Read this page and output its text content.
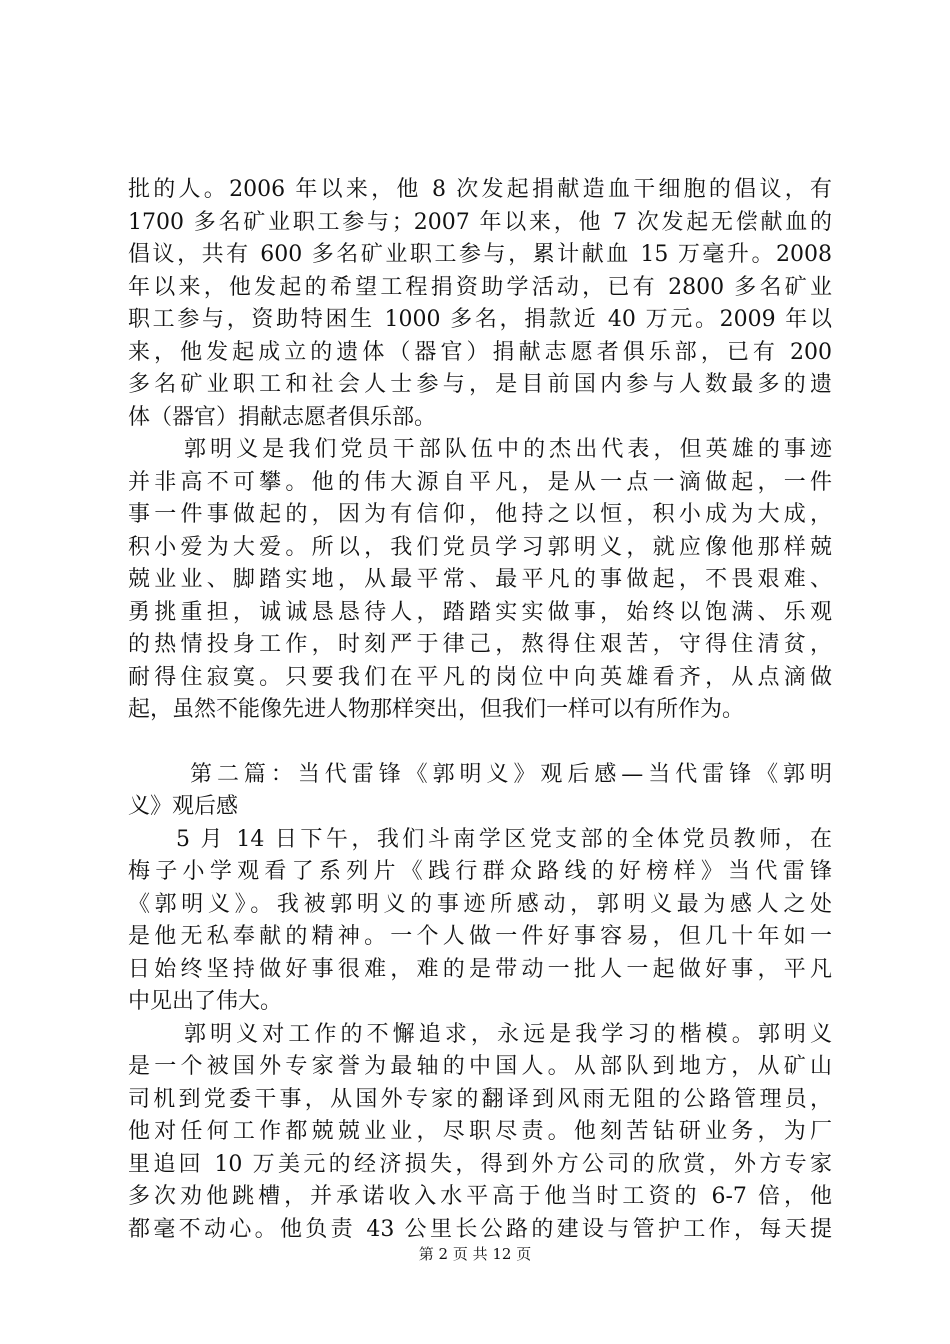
批的人。2006 年以来，他 8 次发起捐献造血干细胞的倡议，有
1700 多名矿业职工参与；2007 年以来，他 7 次发起无偿献血的
倡议，共有 600 多名矿业职工参与，累计献血 15 万毫升。2008
年以来，他发起的希望工程捐资助学活动，已有 2800 多名矿业
职工参与，资助特困生 1000 多名，捐款近 40 万元。2009 年以
来，他发起成立的遗体（器官）捐献志愿者俱乐部，已有 200
多名矿业职工和社会人士参与，是目前国内参与人数最多的遗
体（器官）捐献志愿者俱乐部。
郭明义是我们党员干部队伍中的杰出代表，但英雄的事迹
并非高不可攀。他的伟大源自平凡，是从一点一滴做起，一件
事一件事做起的，因为有信仰，他持之以恒，积小成为大成，
积小爱为大爱。所以，我们党员学习郭明义，就应像他那样兢
兢业业、脚踏实地，从最平常、最平凡的事做起，不畏艰难、
勇挑重担，诚诚恳恳待人，踏踏实实做事，始终以饱满、乐观
的热情投身工作，时刻严于律己，熬得住艰苦，守得住清贫，
耐得住寂寞。只要我们在平凡的岗位中向英雄看齐，从点滴做
起，虽然不能像先进人物那样突出，但我们一样可以有所作为。
第二篇：当代雷锋《郭明义》观后感—当代雷锋《郭明
义》观后感
5 月 14 日下午，我们斗南学区党支部的全体党员教师，在
梅子小学观看了系列片《践行群众路线的好榜样》当代雷锋
《郭明义》。我被郭明义的事迹所感动，郭明义最为感人之处
是他无私奉献的精神。一个人做一件好事容易，但几十年如一
日始终坚持做好事很难，难的是带动一批人一起做好事，平凡
中见出了伟大。
郭明义对工作的不懈追求，永远是我学习的楷模。郭明义
是一个被国外专家誉为最轴的中国人。从部队到地方，从矿山
司机到党委干事，从国外专家的翻译到风雨无阻的公路管理员，
他对任何工作都兢兢业业，尽职尽责。他刻苦钻研业务，为厂
里追回 10 万美元的经济损失，得到外方公司的欣赏，外方专家
多次劝他跳槽，并承诺收入水平高于他当时工资的 6-7 倍，他
都毫不动心。他负责 43 公里长公路的建设与管护工作，每天提
第 2 页 共 12 页
